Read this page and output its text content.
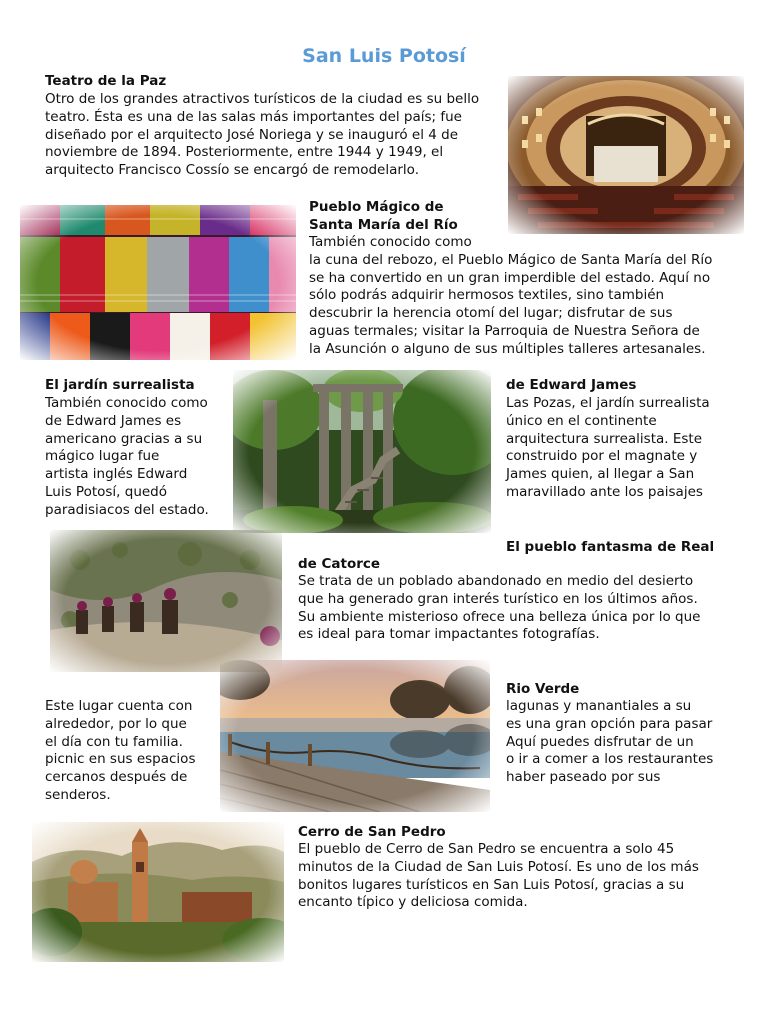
San Luis Potosí
Teatro de la Paz
Otro de los grandes atractivos turísticos de la ciudad es su bello
teatro. Ésta es una de las salas más importantes del país; fue
diseñado por el arquitecto José Noriega y se inauguró el 4 de
noviembre de 1894. Posteriormente, entre 1944 y 1949, el
arquitecto Francisco Cossío se encargó de remodelarlo.
Pueblo Mágico de
Santa María del Río
También conocido como
la cuna del rebozo, el Pueblo Mágico de Santa María del Río
se ha convertido en un gran imperdible del estado. Aquí no
sólo podrás adquirir hermosos textiles, sino también
descubrir la herencia otomí del lugar; disfrutar de sus
aguas termales; visitar la Parroquia de Nuestra Señora de
la Asunción o alguno de sus múltiples talleres artesanales.
El jardín surrealista
También conocido como
de Edward James es
americano gracias a su
mágico lugar fue
artista inglés Edward
Luis Potosí, quedó
paradisiacos del estado.
de Edward James
Las Pozas, el jardín surrealista
único en el continente
arquitectura surrealista. Este
construido por el magnate y
James quien, al llegar a San
maravillado ante los paisajes
El pueblo fantasma de Real
de Catorce
Se trata de un poblado abandonado en medio del desierto
que ha generado gran interés turístico en los últimos años.
Su ambiente misterioso ofrece una belleza única por lo que
es ideal para tomar impactantes fotografías.
Este lugar cuenta con
alrededor, por lo que
el día con tu familia.
picnic en sus espacios
cercanos después de
senderos.
Rio Verde
lagunas y manantiales a su
es una gran opción para pasar
Aquí puedes disfrutar de un
o ir a comer a los restaurantes
haber paseado por sus
Cerro de San Pedro
El pueblo de Cerro de San Pedro se encuentra a solo 45
minutos de la Ciudad de San Luis Potosí. Es uno de los más
bonitos lugares turísticos en San Luis Potosí, gracias a su
encanto típico y deliciosa comida.
